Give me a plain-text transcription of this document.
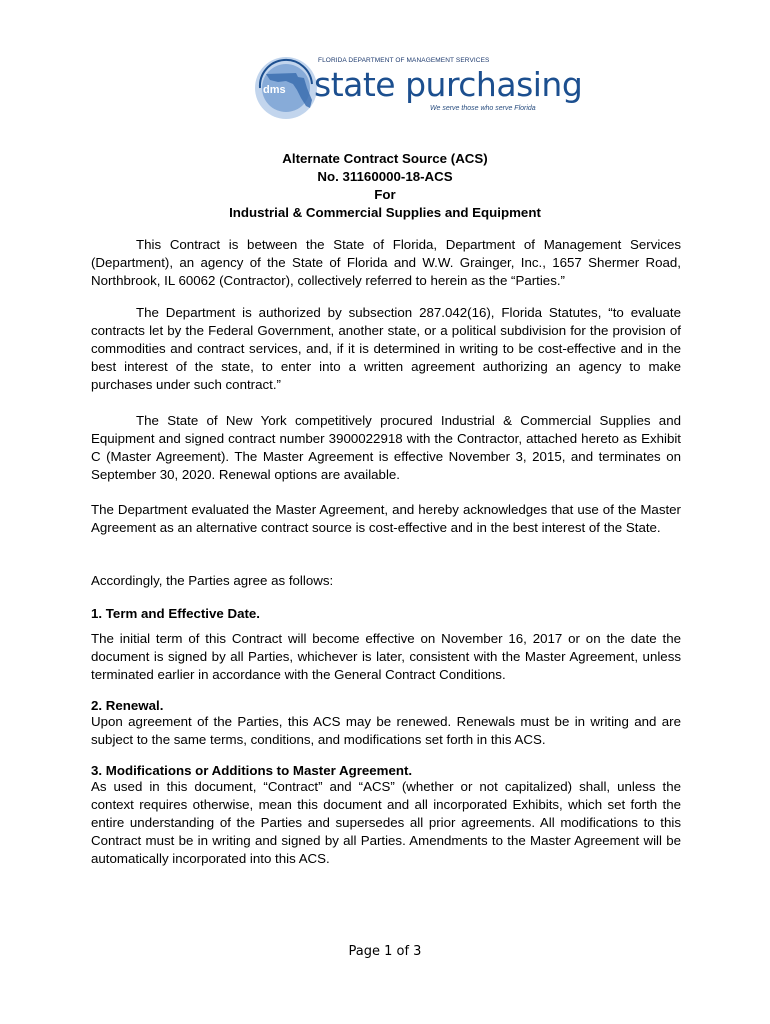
dms
FLORIDA DEPARTMENT OF MANAGEMENT SERVICES
state purchasing
We serve those who serve Florida
Alternate Contract Source (ACS)
No. 31160000-18-ACS
For
Industrial & Commercial Supplies and Equipment
This Contract is between the State of Florida, Department of Management Services (Department), an agency of the State of Florida and W.W. Grainger, Inc., 1657 Shermer Road, Northbrook, IL 60062 (Contractor), collectively referred to herein as the “Parties.”
The Department is authorized by subsection 287.042(16), Florida Statutes, “to evaluate contracts let by the Federal Government, another state, or a political subdivision for the provision of commodities and contract services, and, if it is determined in writing to be cost-effective and in the best interest of the state, to enter into a written agreement authorizing an agency to make purchases under such contract.”
The State of New York competitively procured Industrial & Commercial Supplies and Equipment and signed contract number 3900022918 with the Contractor, attached hereto as Exhibit C (Master Agreement). The Master Agreement is effective November 3, 2015, and terminates on September 30, 2020. Renewal options are available.
The Department evaluated the Master Agreement, and hereby acknowledges that use of the Master Agreement as an alternative contract source is cost-effective and in the best interest of the State.
Accordingly, the Parties agree as follows:
1. Term and Effective Date.
The initial term of this Contract will become effective on November 16, 2017 or on the date the document is signed by all Parties, whichever is later, consistent with the Master Agreement, unless terminated earlier in accordance with the General Contract Conditions.
2. Renewal.
Upon agreement of the Parties, this ACS may be renewed. Renewals must be in writing and are subject to the same terms, conditions, and modifications set forth in this ACS.
3. Modifications or Additions to Master Agreement.
As used in this document, “Contract” and “ACS” (whether or not capitalized) shall, unless the context requires otherwise, mean this document and all incorporated Exhibits, which set forth the entire understanding of the Parties and supersedes all prior agreements. All modifications to this Contract must be in writing and signed by all Parties. Amendments to the Master Agreement will be automatically incorporated into this ACS.
Page 1 of 3
